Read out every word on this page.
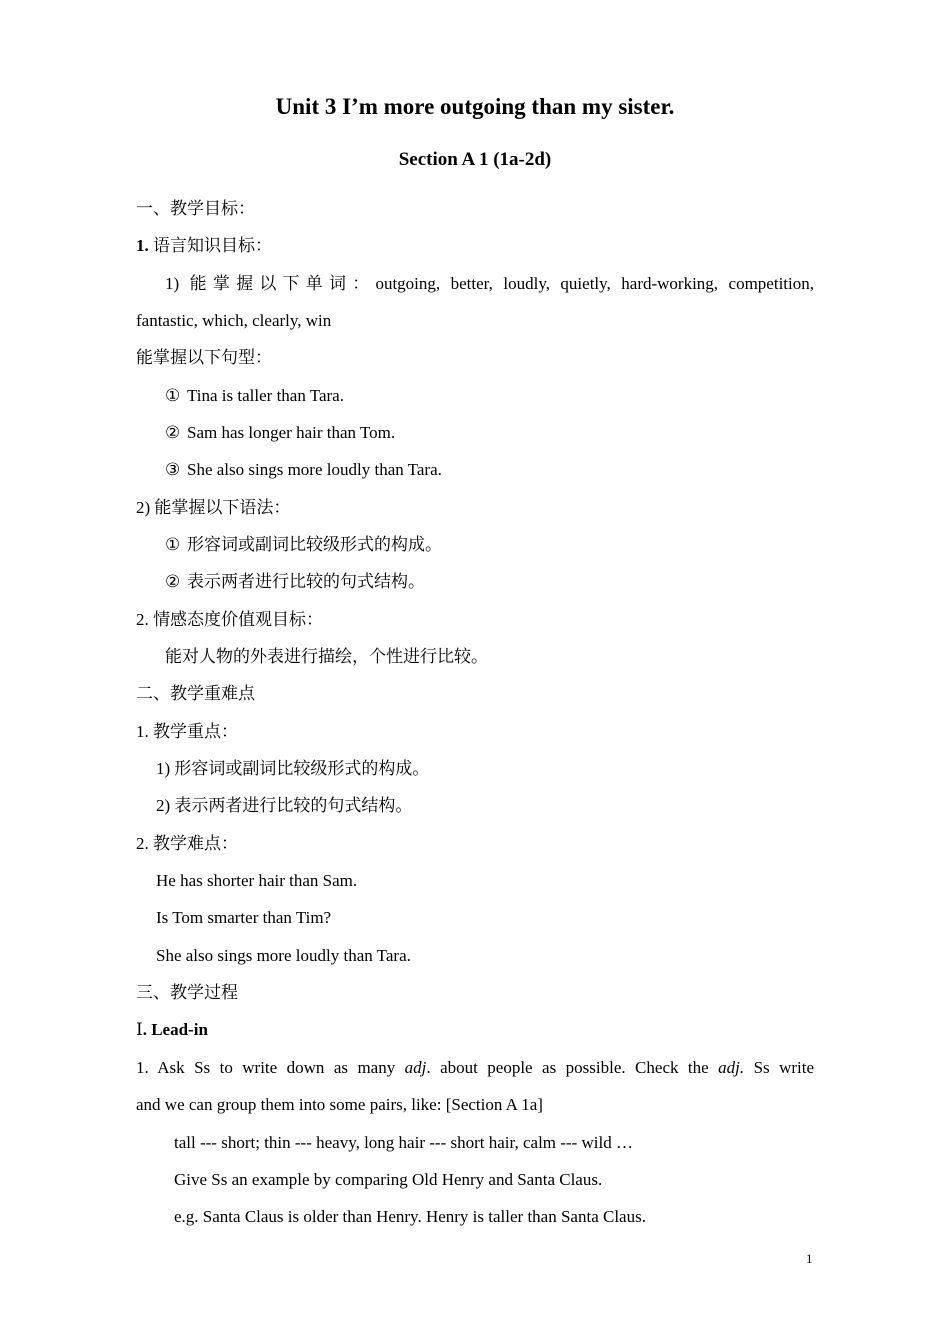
Unit 3 I’m more outgoing than my sister.
Section A 1 (1a-2d)
一、教学目标：
1. 语言知识目标：
1) 能掌握以下单词：outgoing, better, loudly, quietly, hard-working, competition,
fantastic, which, clearly, win
能掌握以下句型：
① Tina is taller than Tara.
② Sam has longer hair than Tom.
③ She also sings more loudly than Tara.
2) 能掌握以下语法：
① 形容词或副词比较级形式的构成。
② 表示两者进行比较的句式结构。
2. 情感态度价值观目标：
能对人物的外表进行描绘，个性进行比较。
二、教学重难点
1. 教学重点：
1) 形容词或副词比较级形式的构成。
2) 表示两者进行比较的句式结构。
2. 教学难点：
He has shorter hair than Sam.
Is Tom smarter than Tim?
She also sings more loudly than Tara.
三、教学过程
Ⅰ. Lead-in
1. Ask Ss to write down as many adj. about people as possible. Check the adj. Ss write
and we can group them into some pairs, like: [Section A 1a]
tall --- short; thin --- heavy, long hair --- short hair, calm --- wild …
Give Ss an example by comparing Old Henry and Santa Claus.
e.g. Santa Claus is older than Henry. Henry is taller than Santa Claus.
1
